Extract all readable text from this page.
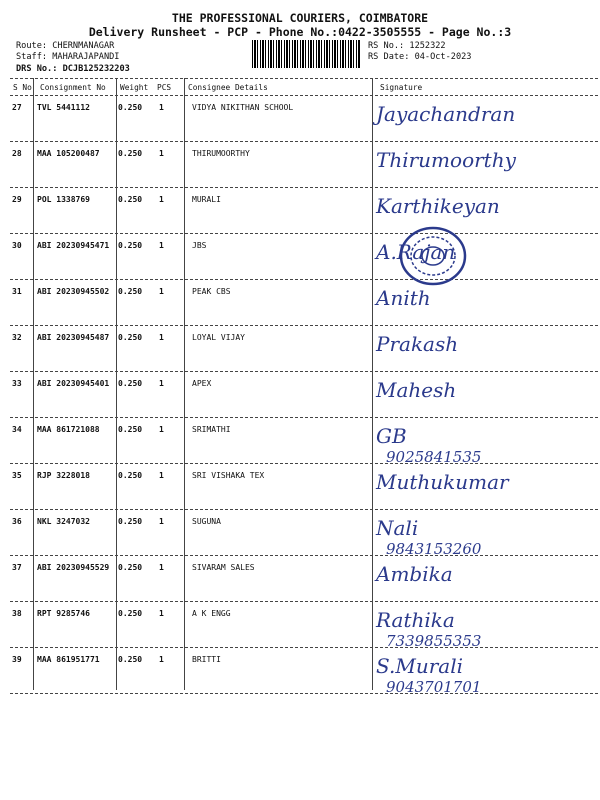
THE PROFESSIONAL COURIERS, COIMBATORE
Delivery Runsheet - PCP - Phone No.:0422-3505555 - Page No.:3
Route: CHERNMANAGAR
Staff: MAHARAJAPANDI
DRS No.: DCJB125232203
RS No.: 1252322
RS Date: 04-Oct-2023
S No Consignment No Weight PCS Consignee Details	Signature
27 TVL 5441112	0.250 1	VIDYA NIKITHAN SCHOOL	Jayachandran
28 MAA 105200487 0.250 1	THIRUMOORTHY	Thirumoorthy
29 POL 1338769	0.250 1	MURALI	Karthikeyan
30 ABI 20230945471 0.250 1	JBS	A.Rajan
31 ABI 20230945502 0.250 1	PEAK CBS	Anith
32 ABI 20230945487 0.250 1	LOYAL VIJAY	Prakash
33 ABI 20230945401 0.250 1	APEX	Mahesh
34 MAA 861721088 0.250 1	SRIMATHI	GB
9025841535
35 RJP 3228018	0.250 1	SRI VISHAKA TEX	Muthukumar
36 NKL 3247032	0.250 1	SUGUNA	Nali
9843153260
37 ABI 20230945529 0.250 1	SIVARAM SALES	Ambika
38 RPT 9285746	0.250 1	A K ENGG	Rathika
7339855353
39 MAA 861951771 0.250 1	BRITTI	S.Murali
9043701701
